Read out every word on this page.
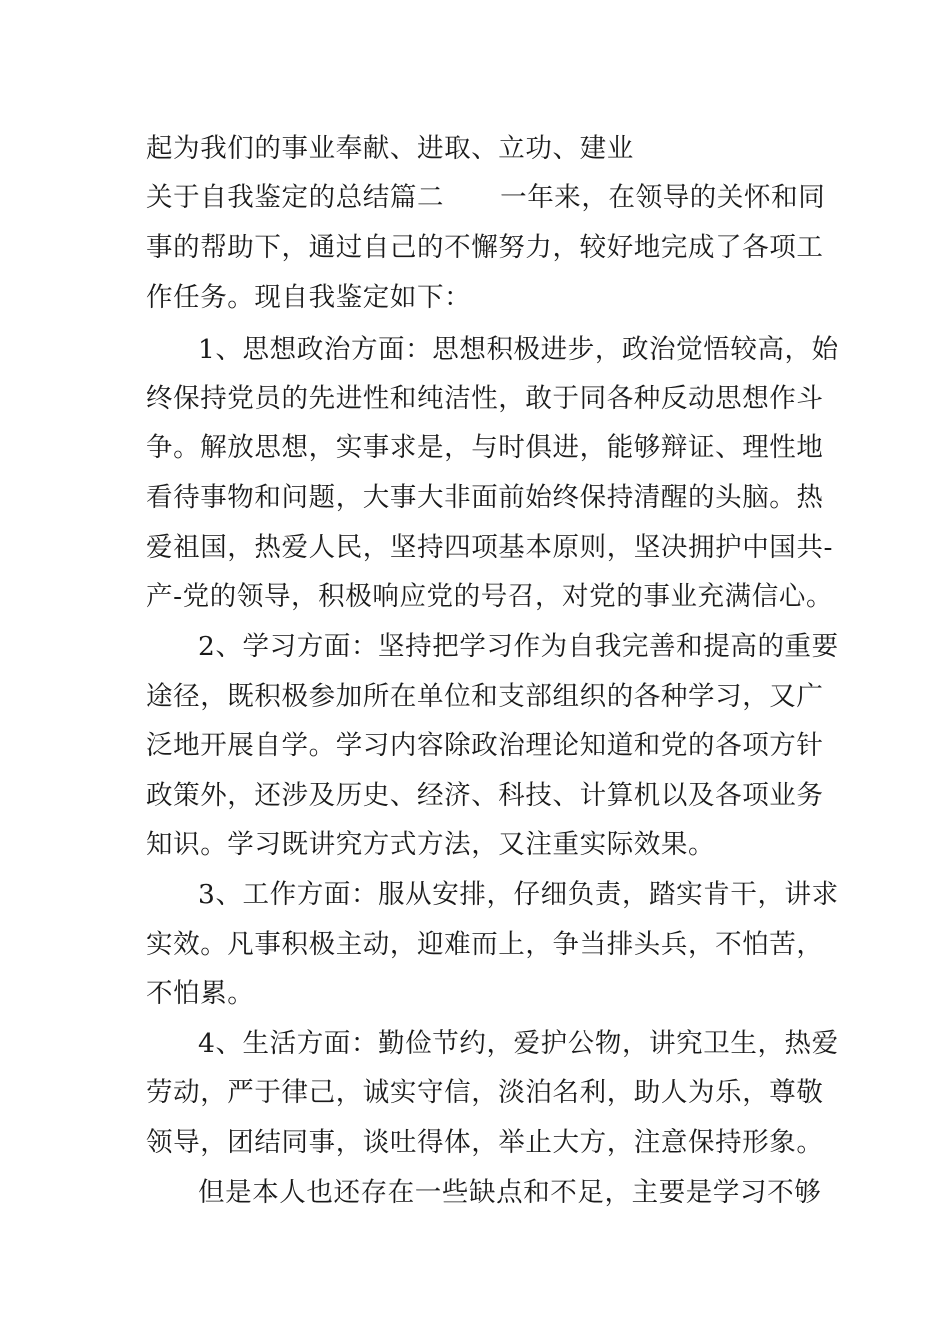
起为我们的事业奉献、进取、立功、建业
关于自我鉴定的总结篇二 一年来，在领导的关怀和同
事的帮助下，通过自己的不懈努力，较好地完成了各项工
作任务。现自我鉴定如下：
1、思想政治方面：思想积极进步，政治觉悟较高，始
终保持党员的先进性和纯洁性，敢于同各种反动思想作斗
争。解放思想，实事求是，与时俱进，能够辩证、理性地
看待事物和问题，大事大非面前始终保持清醒的头脑。热
爱祖国，热爱人民，坚持四项基本原则，坚决拥护中国共-
产-党的领导，积极响应党的号召，对党的事业充满信心。
2、学习方面：坚持把学习作为自我完善和提高的重要
途径，既积极参加所在单位和支部组织的各种学习，又广
泛地开展自学。学习内容除政治理论知道和党的各项方针
政策外，还涉及历史、经济、科技、计算机以及各项业务
知识。学习既讲究方式方法，又注重实际效果。
3、工作方面：服从安排，仔细负责，踏实肯干，讲求
实效。凡事积极主动，迎难而上，争当排头兵，不怕苦，
不怕累。
4、生活方面：勤俭节约，爱护公物，讲究卫生，热爱
劳动，严于律己，诚实守信，淡泊名利，助人为乐，尊敬
领导，团结同事，谈吐得体，举止大方，注意保持形象。
但是本人也还存在一些缺点和不足，主要是学习不够
